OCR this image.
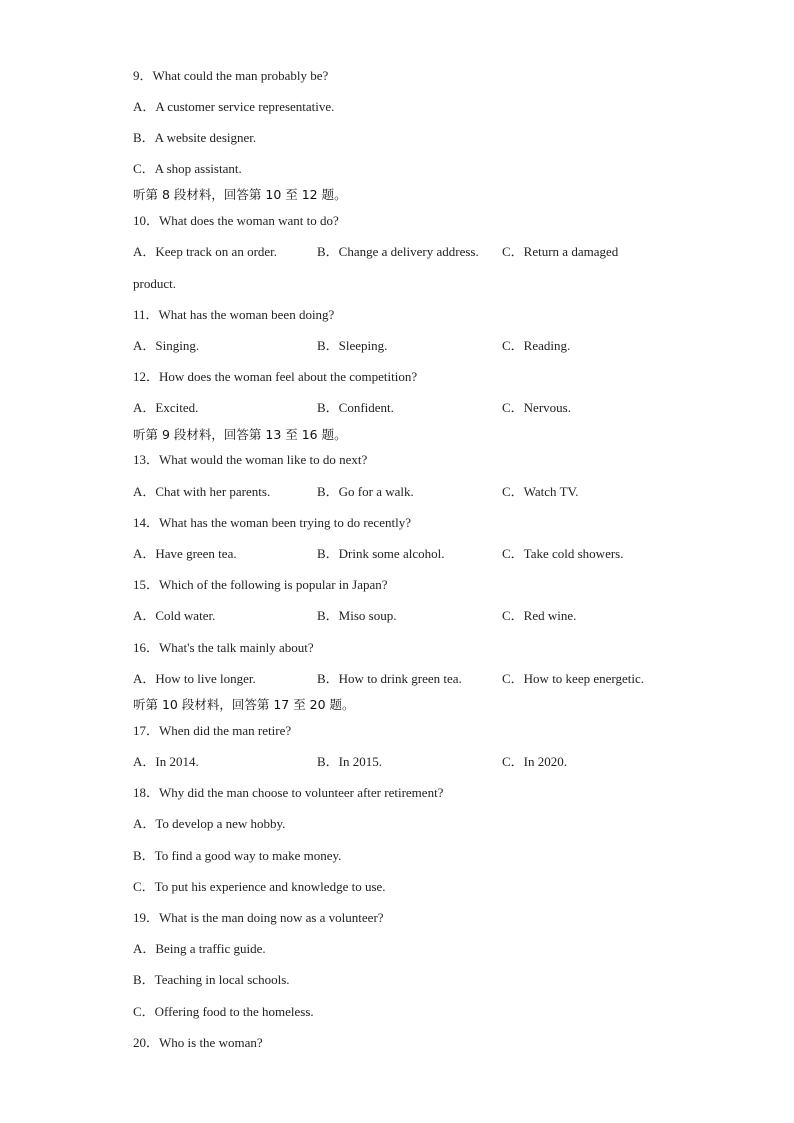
9．What could the man probably be?
A．A customer service representative.
B．A website designer.
C．A shop assistant.
听第 8 段材料，回答第 10 至 12 题。
10．What does the woman want to do?
A．Keep track on an order.	B．Change a delivery address. C．Return a damaged
product.
11．What has the woman been doing?
A．Singing.	B．Sleeping.	C．Reading.
12．How does the woman feel about the competition?
A．Excited.	B．Confident.	C．Nervous.
听第 9 段材料，回答第 13 至 16 题。
13．What would the woman like to do next?
A．Chat with her parents.	B．Go for a walk.	C．Watch TV.
14．What has the woman been trying to do recently?
A．Have green tea.	B．Drink some alcohol.	C．Take cold showers.
15．Which of the following is popular in Japan?
A．Cold water.	B．Miso soup.	C．Red wine.
16．What's the talk mainly about?
A．How to live longer.	B．How to drink green tea.	C．How to keep energetic.
听第 10 段材料，回答第 17 至 20 题。
17．When did the man retire?
A．In 2014.	B．In 2015.	C．In 2020.
18．Why did the man choose to volunteer after retirement?
A．To develop a new hobby.
B．To find a good way to make money.
C．To put his experience and knowledge to use.
19．What is the man doing now as a volunteer?
A．Being a traffic guide.
B．Teaching in local schools.
C．Offering food to the homeless.
20．Who is the woman?
